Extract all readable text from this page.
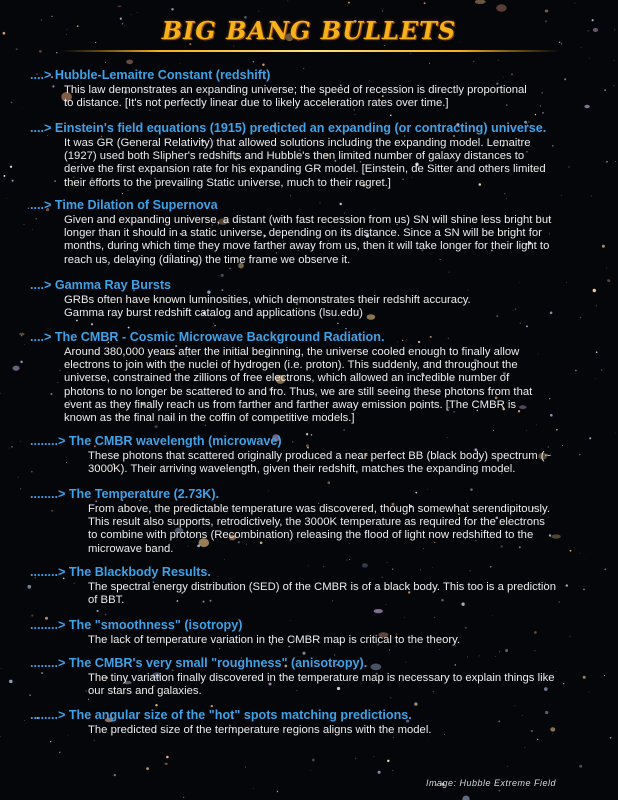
BIG BANG BULLETS
....> Hubble-Lemaitre Constant (redshift)

This law demonstrates an expanding universe; the speed of recession is directly proportional

to distance. [It's not perfectly linear due to likely acceleration rates over time.]

....> Einstein's field equations (1915) predicted an expanding (or contracting) universe.

It was GR (General Relativity) that allowed solutions including the expanding model. Lemaitre

(1927) used both Slipher's redshifts and Hubble's then limited number of galaxy distances to

derive the first expansion rate for his expanding GR model. [Einstein, de Sitter and others limited

their efforts to the prevailing Static universe, much to their regret.]

....> Time Dilation of Supernova

Given and expanding universe, a distant (with fast recession from us) SN will shine less bright but

longer than it should in a static universe, depending on its distance. Since a SN will be bright for

months, during which time they move farther away from us, then it will take longer for their light to

reach us, delaying (dilating) the time frame we observe it.

....> Gamma Ray Bursts

GRBs often have known luminosities, which demonstrates their redshift accuracy.

Gamma ray burst redshift catalog and applications (lsu.edu)

....> The CMBR - Cosmic Microwave Background Radiation.

Around 380,000 years after the initial beginning, the universe cooled enough to finally allow

electrons to join with the nuclei of hydrogen (i.e. proton). This suddenly, and throughout the

universe, constrained the zillions of free electrons, which allowed an incredible number of

photons to no longer be scattered to and fro. Thus, we are still seeing these photons from that

event as they finally reach us from farther and farther away emission points. [The CMBR is

known as the final nail in the coffin of competitive models.]

........> The CMBR wavelength (microwave)

These photons that scattered originally produced a near perfect BB (black body) spectrum (~

3000K). Their arriving wavelength, given their redshift, matches the expanding model.

........> The Temperature (2.73K).

From above, the predictable temperature was discovered, though somewhat serendipitously.

This result also supports, retrodictively, the 3000K temperature as required for the electrons

to combine with protons (Recombination) releasing the flood of light now redshifted to the

microwave band.

........> The Blackbody Results.

The spectral energy distribution (SED) of the CMBR is of a black body. This too is a prediction

of BBT.

........> The "smoothness" (isotropy)

The lack of temperature variation in the CMBR map is critical to the theory.

........> The CMBR's very small "roughness" (anisotropy).

The tiny variation finally discovered in the temperature map is necessary to explain things like

our stars and galaxies.

........> The angular size of the "hot" spots matching predictions.

The predicted size of the termperature regions aligns with the model.

Image: Hubble Extreme Field
